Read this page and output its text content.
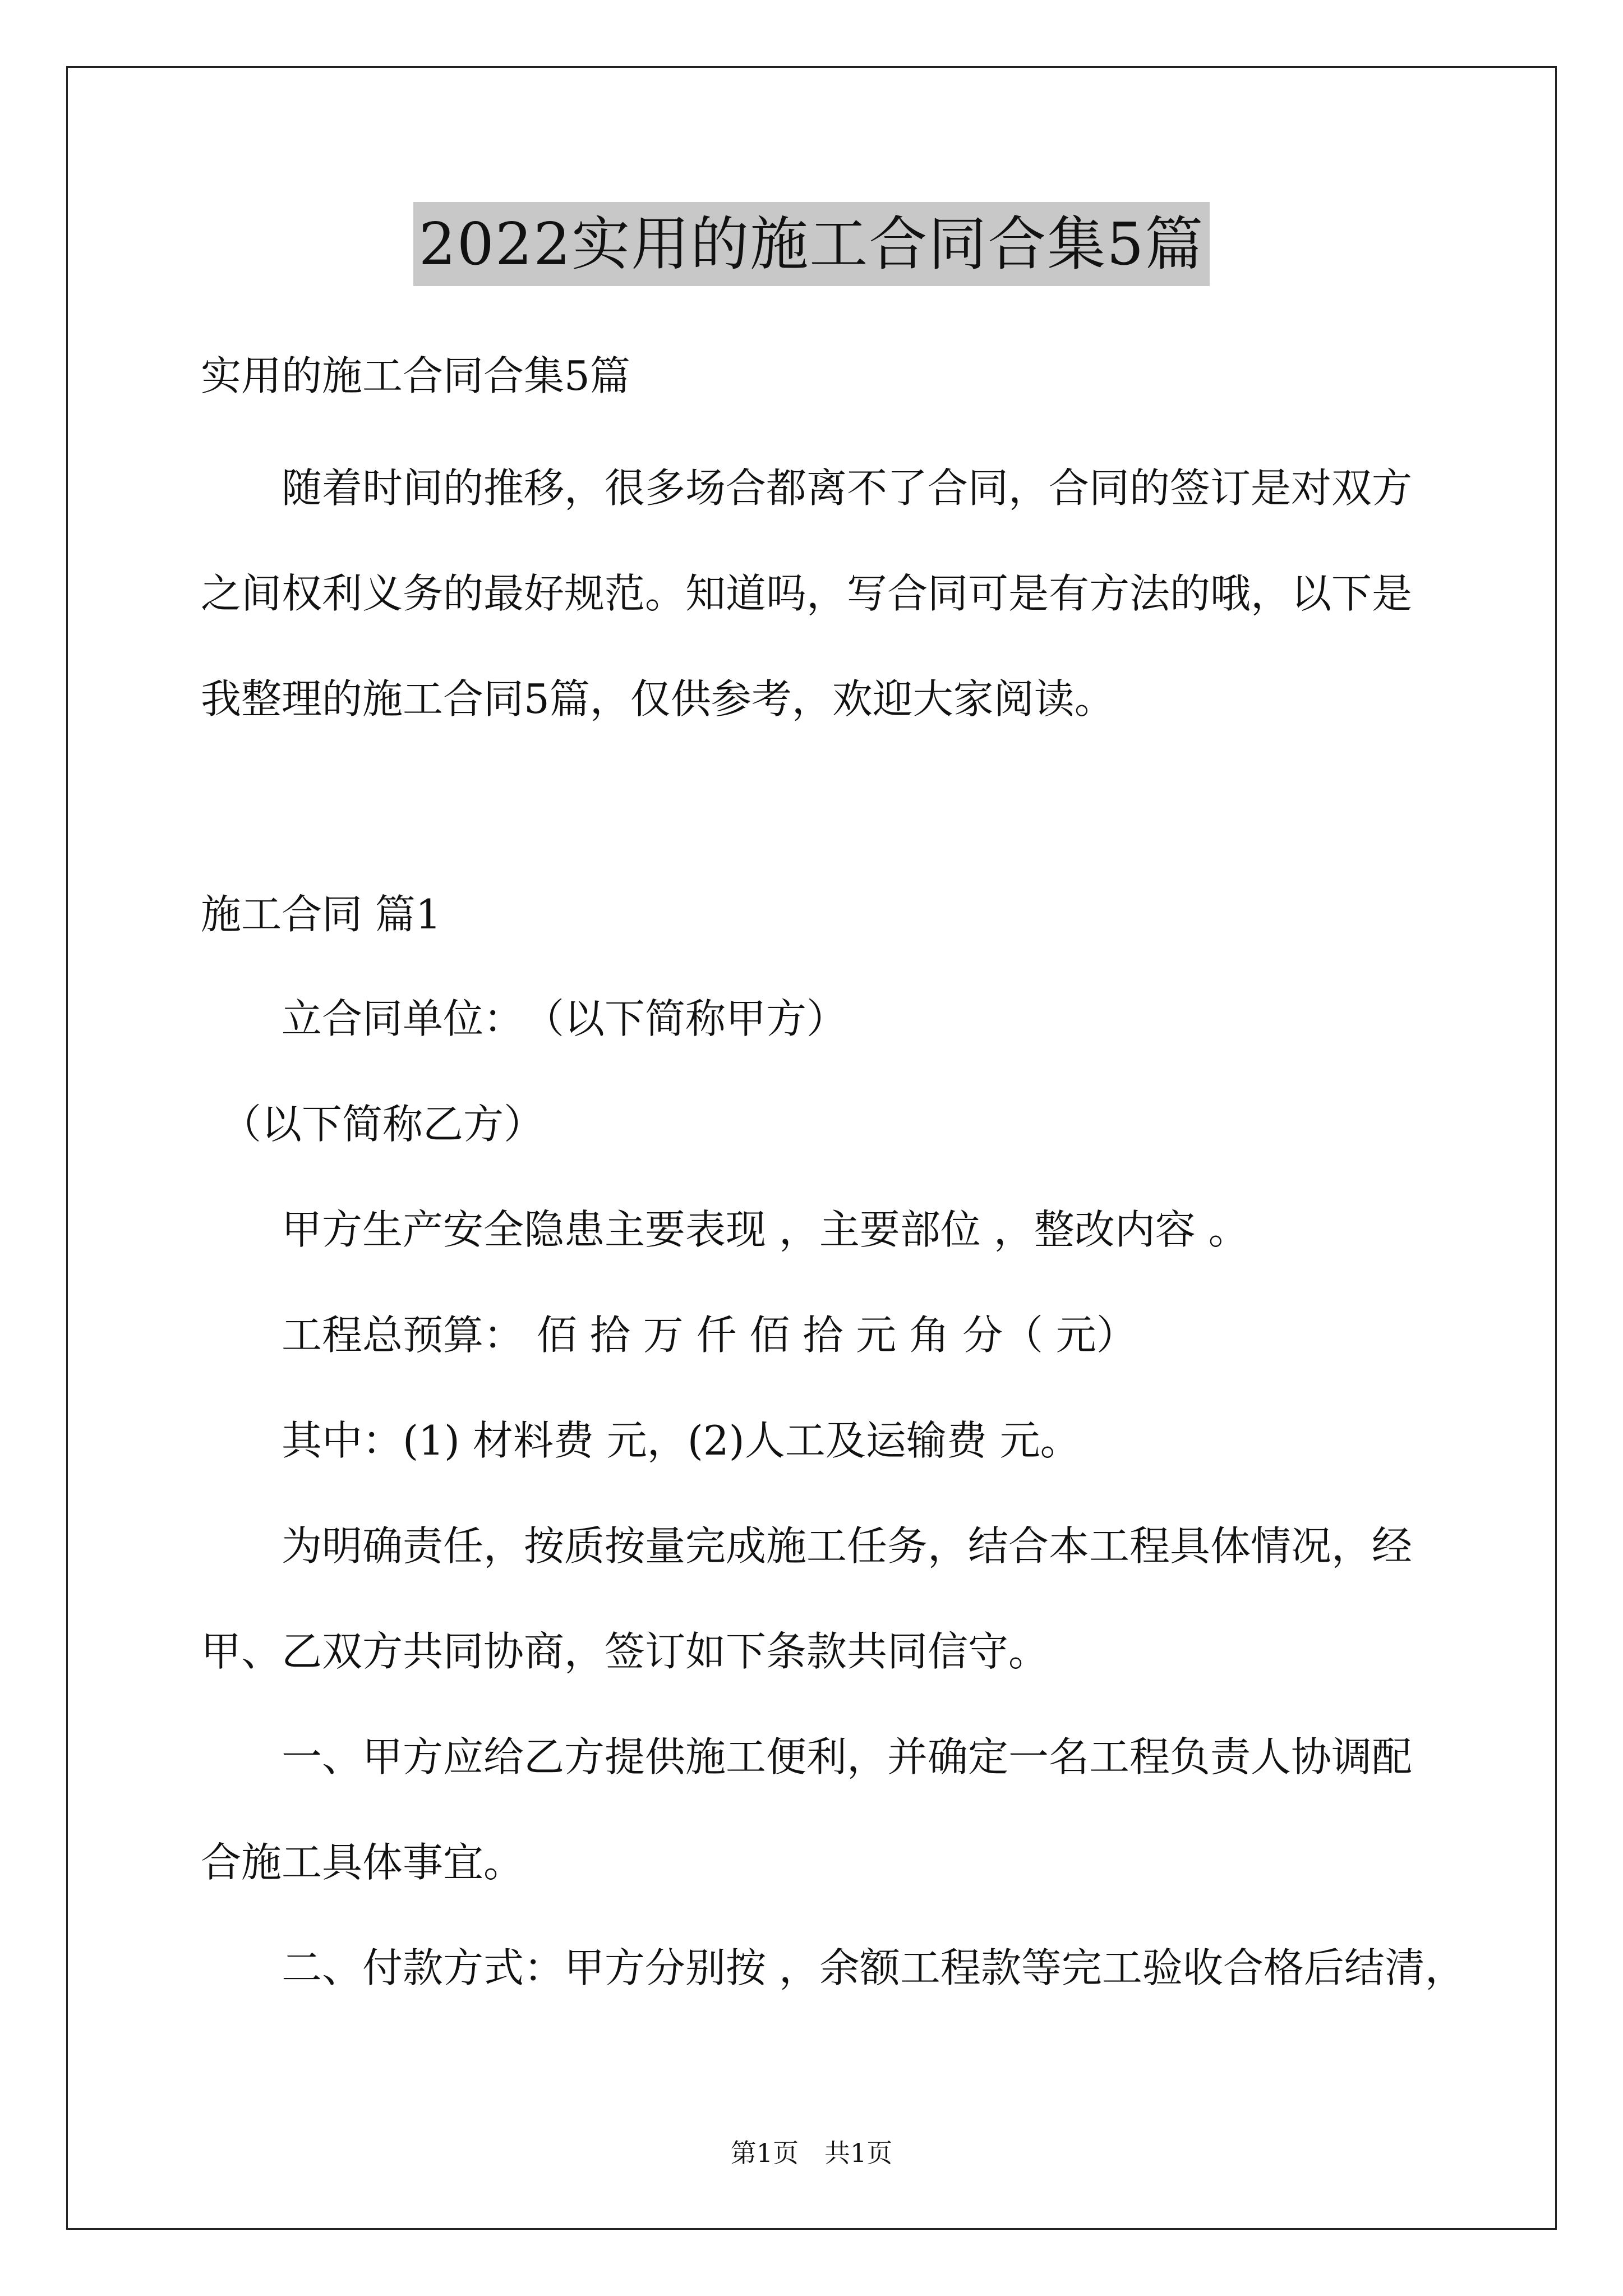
2022实用的施工合同合集5篇
实用的施工合同合集5篇
　　随着时间的推移，很多场合都离不了合同，合同的签订是对双方
之间权利义务的最好规范。知道吗，写合同可是有方法的哦，以下是
我整理的施工合同5篇，仅供参考，欢迎大家阅读。
施工合同 篇1
　　立合同单位：　（以下简称甲方）
　（以下简称乙方）
　　甲方生产安全隐患主要表现 ，主要部位 ，整改内容 。
　　工程总预算： 佰 拾 万 仟 佰 拾 元 角 分（ 元）
　　其中：(1) 材料费 元，(2)人工及运输费 元。
　　为明确责任，按质按量完成施工任务，结合本工程具体情况，经
甲、乙双方共同协商，签订如下条款共同信守。
　　一、甲方应给乙方提供施工便利，并确定一名工程负责人协调配
合施工具体事宜。
　　二、付款方式：甲方分别按 ，余额工程款等完工验收合格后结清，
第1页　共1页
